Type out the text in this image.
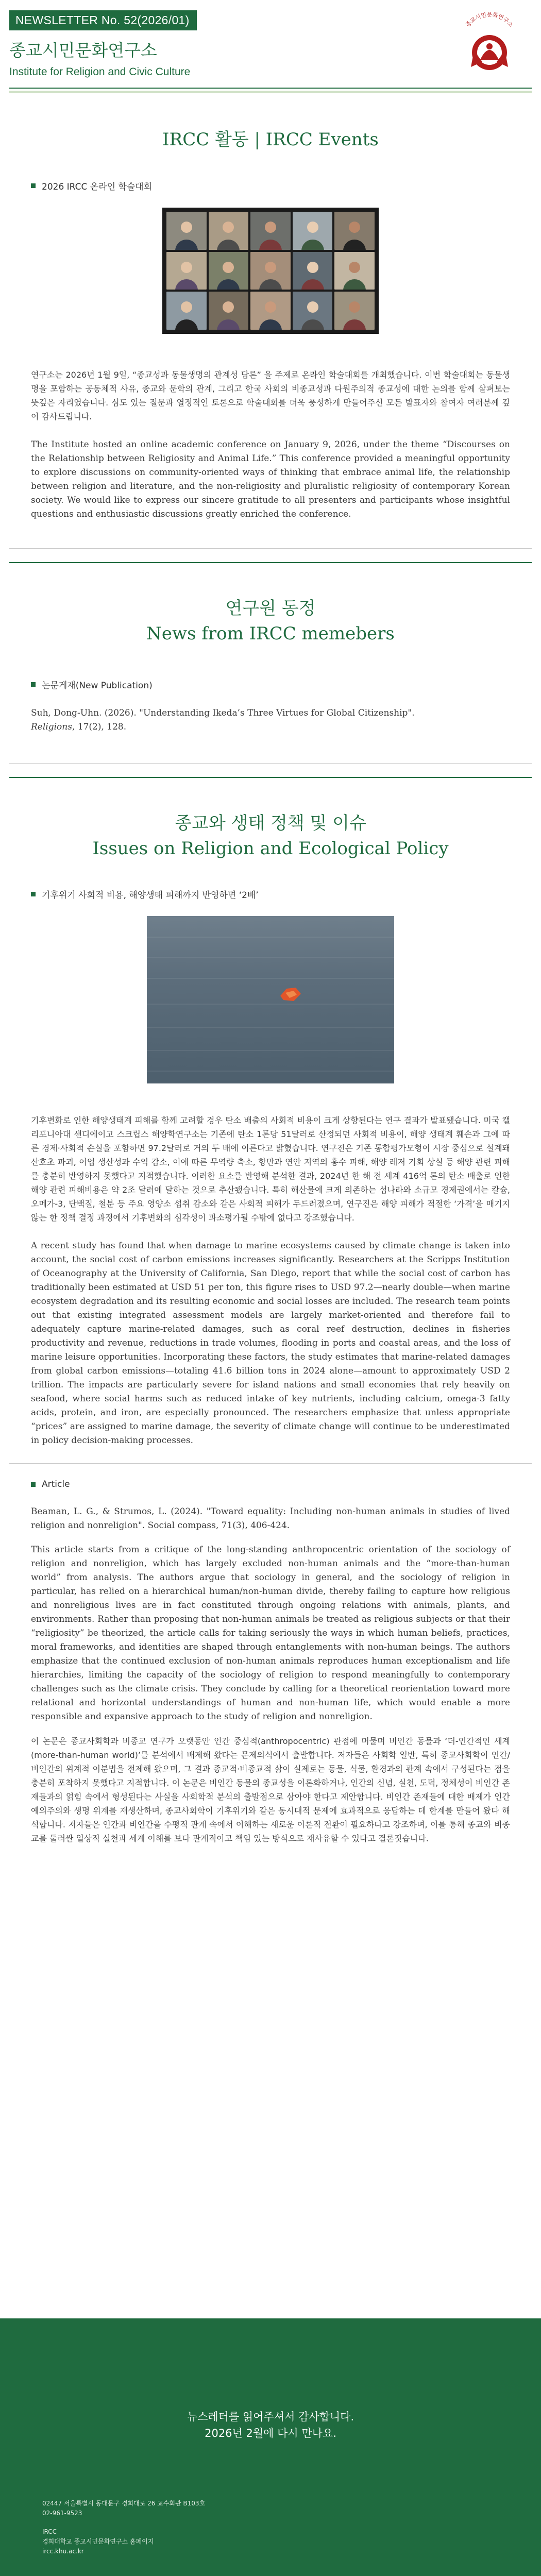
NEWSLETTER No. 52(2026/01)
종교시민문화연구소
Institute for Religion and Civic Culture
종교시민문화연구소
IRCC 활동 | IRCC Events
2026 IRCC 온라인 학술대회
연구소는 2026년 1월 9일, “종교성과 동물생명의 관계성 담론” 을 주제로 온라인 학술대회를 개최했습니다. 이번 학술대회는 동물생명을 포함하는 공동체적 사유, 종교와 문학의 관계, 그리고 한국 사회의 비종교성과 다원주의적 종교성에 대한 논의를 함께 살펴보는 뜻깊은 자리였습니다. 심도 있는 질문과 열정적인 토론으로 학술대회를 더욱 풍성하게 만들어주신 모든 발표자와 참여자 여러분께 깊이 감사드립니다.
The Institute hosted an online academic conference on January 9, 2026, under the theme “Discourses on the Relationship between Religiosity and Animal Life.” This conference provided a meaningful opportunity to explore discussions on community-oriented ways of thinking that embrace animal life, the relationship between religion and literature, and the non-religiosity and pluralistic religiosity of contemporary Korean society. We would like to express our sincere gratitude to all presenters and participants whose insightful questions and enthusiastic discussions greatly enriched the conference.
연구원 동정
News from IRCC memebers
논문게재(New Publication)
Suh, Dong-Uhn. (2026). "Understanding Ikeda’s Three Virtues for Global Citizenship".
Religions, 17(2), 128.
종교와 생태 정책 및 이슈
Issues on Religion and Ecological Policy
기후위기 사회적 비용, 해양생태 피해까지 반영하면 ‘2배’
기후변화로 인한 해양생태계 피해를 함께 고려할 경우 탄소 배출의 사회적 비용이 크게 상향된다는 연구 결과가 발표됐습니다. 미국 캘리포니아대 샌디에이고 스크립스 해양학연구소는 기존에 탄소 1톤당 51달러로 산정되던 사회적 비용이, 해양 생태계 훼손과 그에 따른 경제·사회적 손실을 포함하면 97.2달러로 거의 두 배에 이른다고 밝혔습니다. 연구진은 기존 통합평가모형이 시장 중심으로 설계돼 산호초 파괴, 어업 생산성과 수익 감소, 이에 따른 무역량 축소, 항만과 연안 지역의 홍수 피해, 해양 레저 기회 상실 등 해양 관련 피해를 충분히 반영하지 못했다고 지적했습니다. 이러한 요소를 반영해 분석한 결과, 2024년 한 해 전 세계 416억 톤의 탄소 배출로 인한 해양 관련 피해비용은 약 2조 달러에 달하는 것으로 추산됐습니다. 특히 해산물에 크게 의존하는 섬나라와 소규모 경제권에서는 칼슘, 오메가-3, 단백질, 철분 등 주요 영양소 섭취 감소와 같은 사회적 피해가 두드러졌으며, 연구진은 해양 피해가 적절한 ‘가격’을 매기지 않는 한 정책 결정 과정에서 기후변화의 심각성이 과소평가될 수밖에 없다고 강조했습니다.
A recent study has found that when damage to marine ecosystems caused by climate change is taken into account, the social cost of carbon emissions increases significantly. Researchers at the Scripps Institution of Oceanography at the University of California, San Diego, report that while the social cost of carbon has traditionally been estimated at USD 51 per ton, this figure rises to USD 97.2—nearly double—when marine ecosystem degradation and its resulting economic and social losses are included. The research team points out that existing integrated assessment models are largely market-oriented and therefore fail to adequately capture marine-related damages, such as coral reef destruction, declines in fisheries productivity and revenue, reductions in trade volumes, flooding in ports and coastal areas, and the loss of marine leisure opportunities. Incorporating these factors, the study estimates that marine-related damages from global carbon emissions—totaling 41.6 billion tons in 2024 alone—amount to approximately USD 2 trillion. The impacts are particularly severe for island nations and small economies that rely heavily on seafood, where social harms such as reduced intake of key nutrients, including calcium, omega-3 fatty acids, protein, and iron, are especially pronounced. The researchers emphasize that unless appropriate “prices” are assigned to marine damage, the severity of climate change will continue to be underestimated in policy decision-making processes.
Article
Beaman, L. G., & Strumos, L. (2024). "Toward equality: Including non-human animals in studies of lived religion and nonreligion". Social compass, 71(3), 406-424.
This article starts from a critique of the long-standing anthropocentric orientation of the sociology of religion and nonreligion, which has largely excluded non-human animals and the “more-than-human world” from analysis. The authors argue that sociology in general, and the sociology of religion in particular, has relied on a hierarchical human/non-human divide, thereby failing to capture how religious and nonreligious lives are in fact constituted through ongoing relations with animals, plants, and environments. Rather than proposing that non-human animals be treated as religious subjects or that their “religiosity” be theorized, the article calls for taking seriously the ways in which human beliefs, practices, moral frameworks, and identities are shaped through entanglements with non-human beings. The authors emphasize that the continued exclusion of non-human animals reproduces human exceptionalism and life hierarchies, limiting the capacity of the sociology of religion to respond meaningfully to contemporary challenges such as the climate crisis. They conclude by calling for a theoretical reorientation toward more relational and horizontal understandings of human and non-human life, which would enable a more responsible and expansive approach to the study of religion and nonreligion.
이 논문은 종교사회학과 비종교 연구가 오랫동안 인간 중심적(anthropocentric) 관점에 머물며 비인간 동물과 ‘더-인간적인 세계(more-than-human world)’를 분석에서 배제해 왔다는 문제의식에서 출발합니다. 저자들은 사회학 일반, 특히 종교사회학이 인간/비인간의 위계적 이분법을 전제해 왔으며, 그 결과 종교적·비종교적 삶이 실제로는 동물, 식물, 환경과의 관계 속에서 구성된다는 점을 충분히 포착하지 못했다고 지적합니다. 이 논문은 비인간 동물의 종교성을 이론화하거나, 인간의 신념, 실천, 도덕, 정체성이 비인간 존재들과의 얽힘 속에서 형성된다는 사실을 사회학적 분석의 출발점으로 삼아야 한다고 제안합니다. 비인간 존재들에 대한 배제가 인간 예외주의와 생명 위계를 재생산하며, 종교사회학이 기후위기와 같은 동시대적 문제에 효과적으로 응답하는 데 한계를 만들어 왔다 해석합니다. 저자들은 인간과 비인간을 수평적 관계 속에서 이해하는 새로운 이론적 전환이 필요하다고 강조하며, 이를 통해 종교와 비종교를 둘러싼 일상적 실천과 세계 이해를 보다 관계적이고 책임 있는 방식으로 재사유할 수 있다고 결론짓습니다.
뉴스레터를 읽어주셔서 감사합니다.
2026년 2월에 다시 만나요.
02447 서울특별시 동대문구 경희대로 26 교수회관 B103호
02-961-9523
IRCC
경희대학교 종교시민문화연구소 홈페이지
ircc.khu.ac.kr
